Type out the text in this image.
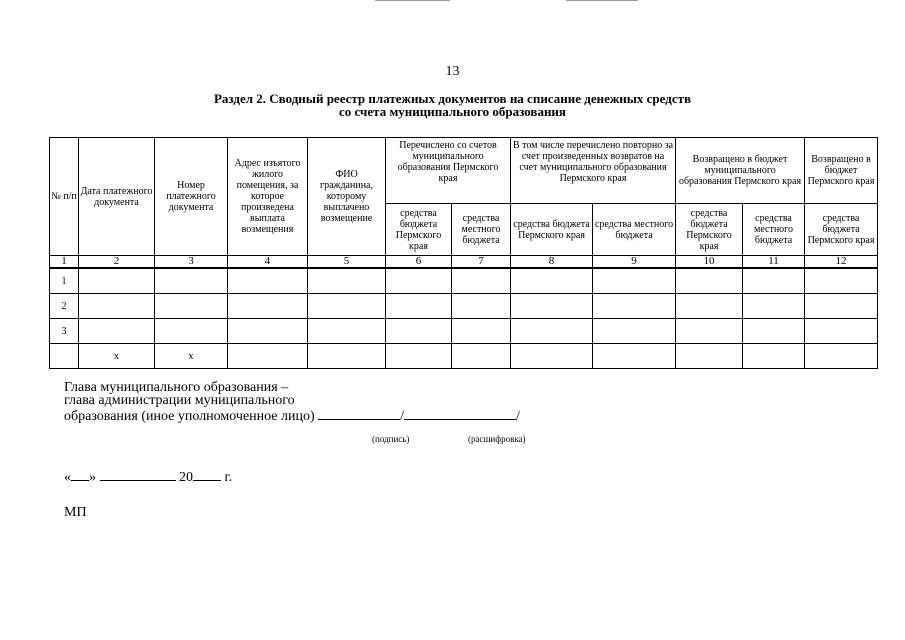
13
Раздел 2. Сводный реестр платежных документов на списание денежных средств
со счета муниципального образования
№ п/п	Дата платежного документа	Номер платежного документа	Адрес изъятого жилого помещения, за которое произведена выплата возмещения	ФИО гражданина, которому выплачено возмещение	Перечислено со счетов муниципального образования Пермского края		В том числе перечислено повторно за счет произведенных возвратов на счет муниципального образования Пермского края		Возвращено в бюджет муниципального образования Пермского края		Возвращено в бюджет Пермского края
					средства бюджета Пермского края	средства местного бюджета	средства бюджета Пермского края	средства местного бюджета	средства бюджета Пермского края	средства местного бюджета	средства бюджета Пермского края
1	2	3	4	5	6	7	8	9	10	11	12
1											
2											
3											
	х	х									
Глава муниципального образования –
глава администрации муниципального
образования (иное уполномоченное лицо)	/	/
(подпись)	(расшифровка)
« »	20 г.
МП
